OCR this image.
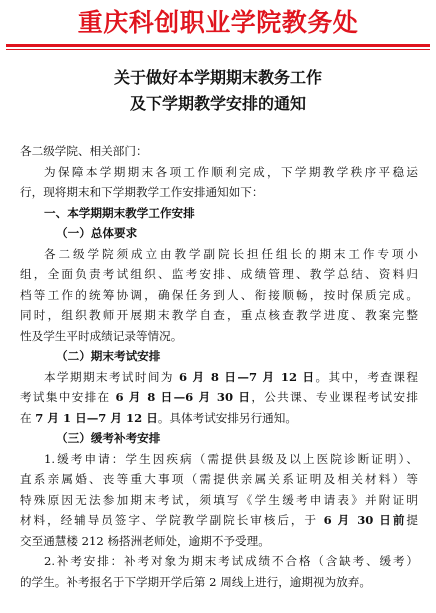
重庆科创职业学院教务处
关于做好本学期期末教务工作
及下学期教学安排的通知
各二级学院、相关部门：
为保障本学期期末各项工作顺利完成，下学期教学秩序平稳运
行，现将期末和下学期教学工作安排通知如下：
一、本学期期末教学工作安排
（一）总体要求
各二级学院须成立由教学副院长担任组长的期末工作专项小
组，全面负责考试组织、监考安排、成绩管理、教学总结、资料归
档等工作的统筹协调，确保任务到人、衔接顺畅，按时保质完成。
同时，组织教师开展期末教学自查，重点核查教学进度、教案完整
性及学生平时成绩记录等情况。
（二）期末考试安排
本学期期末考试时间为 6 月 8 日—7 月 12 日。其中，考查课程
考试集中安排在 6 月 8 日—6 月 30 日，公共课、专业课程考试安排
在 7 月 1 日—7 月 12 日。具体考试安排另行通知。
（三）缓考补考安排
1.缓考申请：学生因疾病（需提供县级及以上医院诊断证明）、
直系亲属婚、丧等重大事项（需提供亲属关系证明及相关材料）等
特殊原因无法参加期末考试，须填写《学生缓考申请表》并附证明
材料，经辅导员签字、学院教学副院长审核后，于 6 月 30 日前提
交至通慧楼 212 杨搭洲老师处，逾期不予受理。
2.补考安排：补考对象为期末考试成绩不合格（含缺考、缓考）
的学生。补考报名于下学期开学后第 2 周线上进行，逾期视为放弃。
